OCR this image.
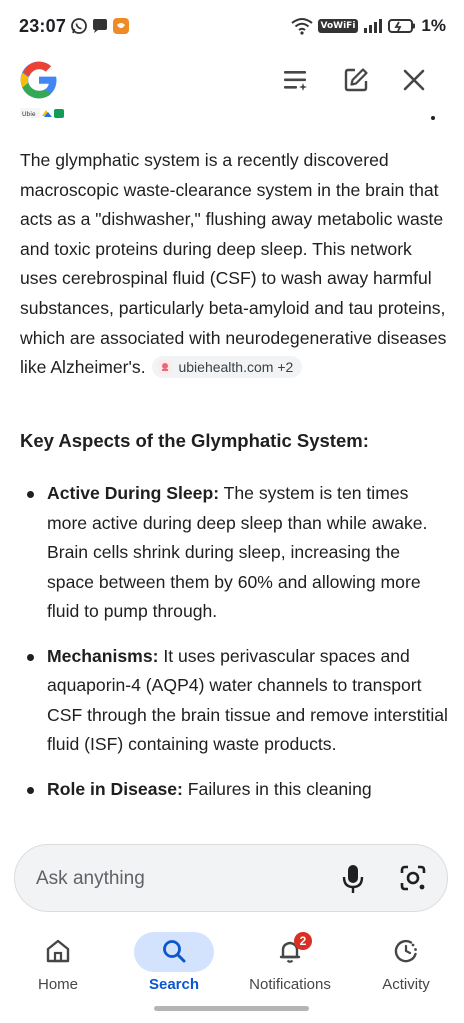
23:07	VoWiFi	1%
Ubie

The glymphatic system is a recently discovered macroscopic waste-clearance system in the brain that acts as a "dishwasher," flushing away metabolic waste and toxic proteins during deep sleep. This network uses cerebrospinal fluid (CSF) to wash away harmful substances, particularly beta-amyloid and tau proteins, which are associated with neurodegenerative diseases like Alzheimer's. ubiehealth.com +2

Key Aspects of the Glymphatic System:
Active During Sleep: The system is ten times more active during deep sleep than while awake. Brain cells shrink during sleep, increasing the space between them by 60% and allowing more fluid to pump through.
Mechanisms: It uses perivascular spaces and aquaporin-4 (AQP4) water channels to transport CSF through the brain tissue and remove interstitial fluid (ISF) containing waste products.
Role in Disease: Failures in this cleaning
Ask anything
Home	Search
2
Notifications	Activity
